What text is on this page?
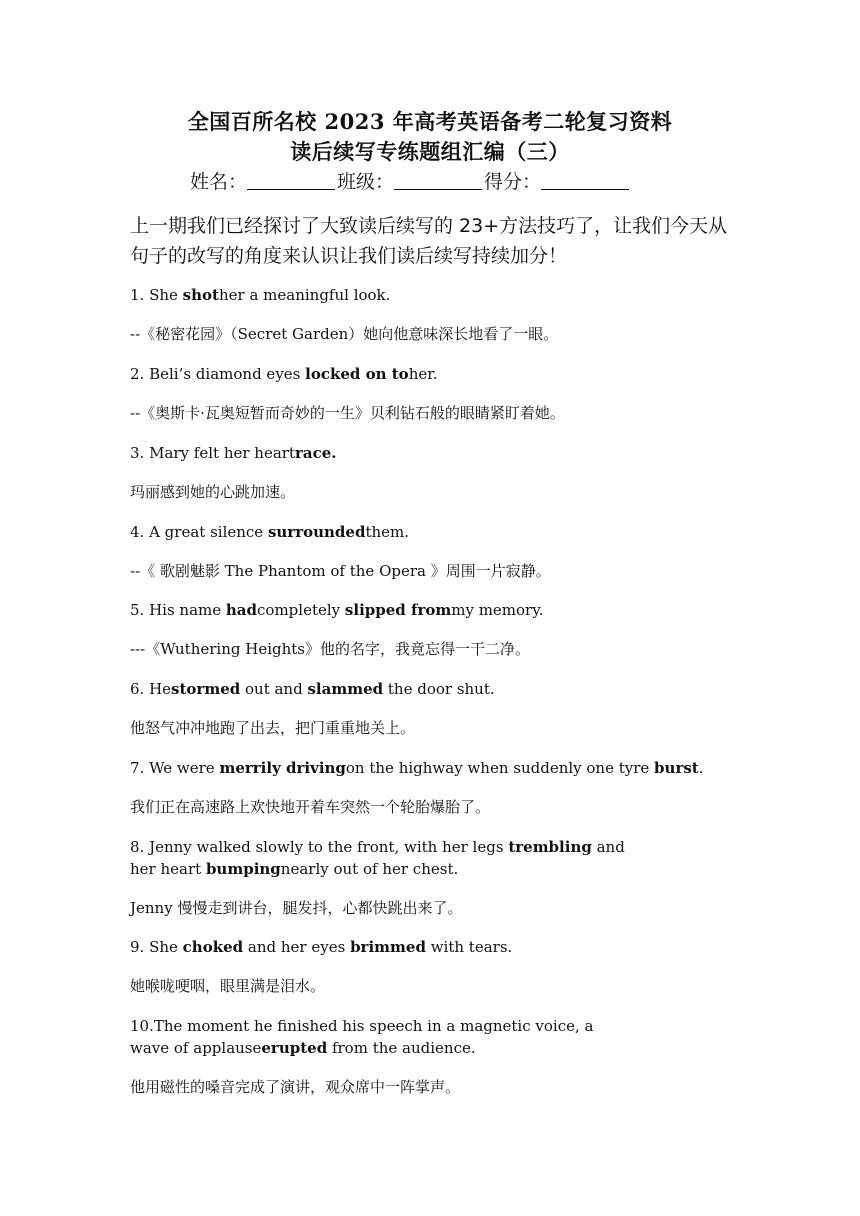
全国百所名校 2023 年高考英语备考二轮复习资料
读后续写专练题组汇编（三）
姓名：	班级：	得分：
上一期我们已经探讨了大致读后续写的 23+方法技巧了，让我们今天从句子的改写的角度来认识让我们读后续写持续加分！
1. She shother a meaningful look.
--《秘密花园》（Secret Garden）她向他意味深长地看了一眼。
2. Beli’s diamond eyes locked on toher.
--《奥斯卡·瓦奥短暂而奇妙的一生》贝利钻石般的眼睛紧盯着她。
3. Mary felt her heartrace.
玛丽感到她的心跳加速。
4. A great silence surroundedthem.
--《 歌剧魅影 The Phantom of the Opera 》周围一片寂静。
5. His name hadcompletely slipped frommy memory.
---《Wuthering Heights》他的名字，我竟忘得一干二净。
6. Hestormed out and slammed the door shut.
他怒气冲冲地跑了出去，把门重重地关上。
7. We were merrily drivingon the highway when suddenly one tyre burst.
我们正在高速路上欢快地开着车突然一个轮胎爆胎了。
8. Jenny walked slowly to the front, with her legs trembling and her heart bumpingnearly out of her chest.
Jenny 慢慢走到讲台，腿发抖，心都快跳出来了。
9. She choked and her eyes brimmed with tears.
她喉咙哽咽，眼里满是泪水。
10.The moment he finished his speech in a magnetic voice, a wave of applauseerupted from the audience.
他用磁性的嗓音完成了演讲，观众席中一阵掌声。
